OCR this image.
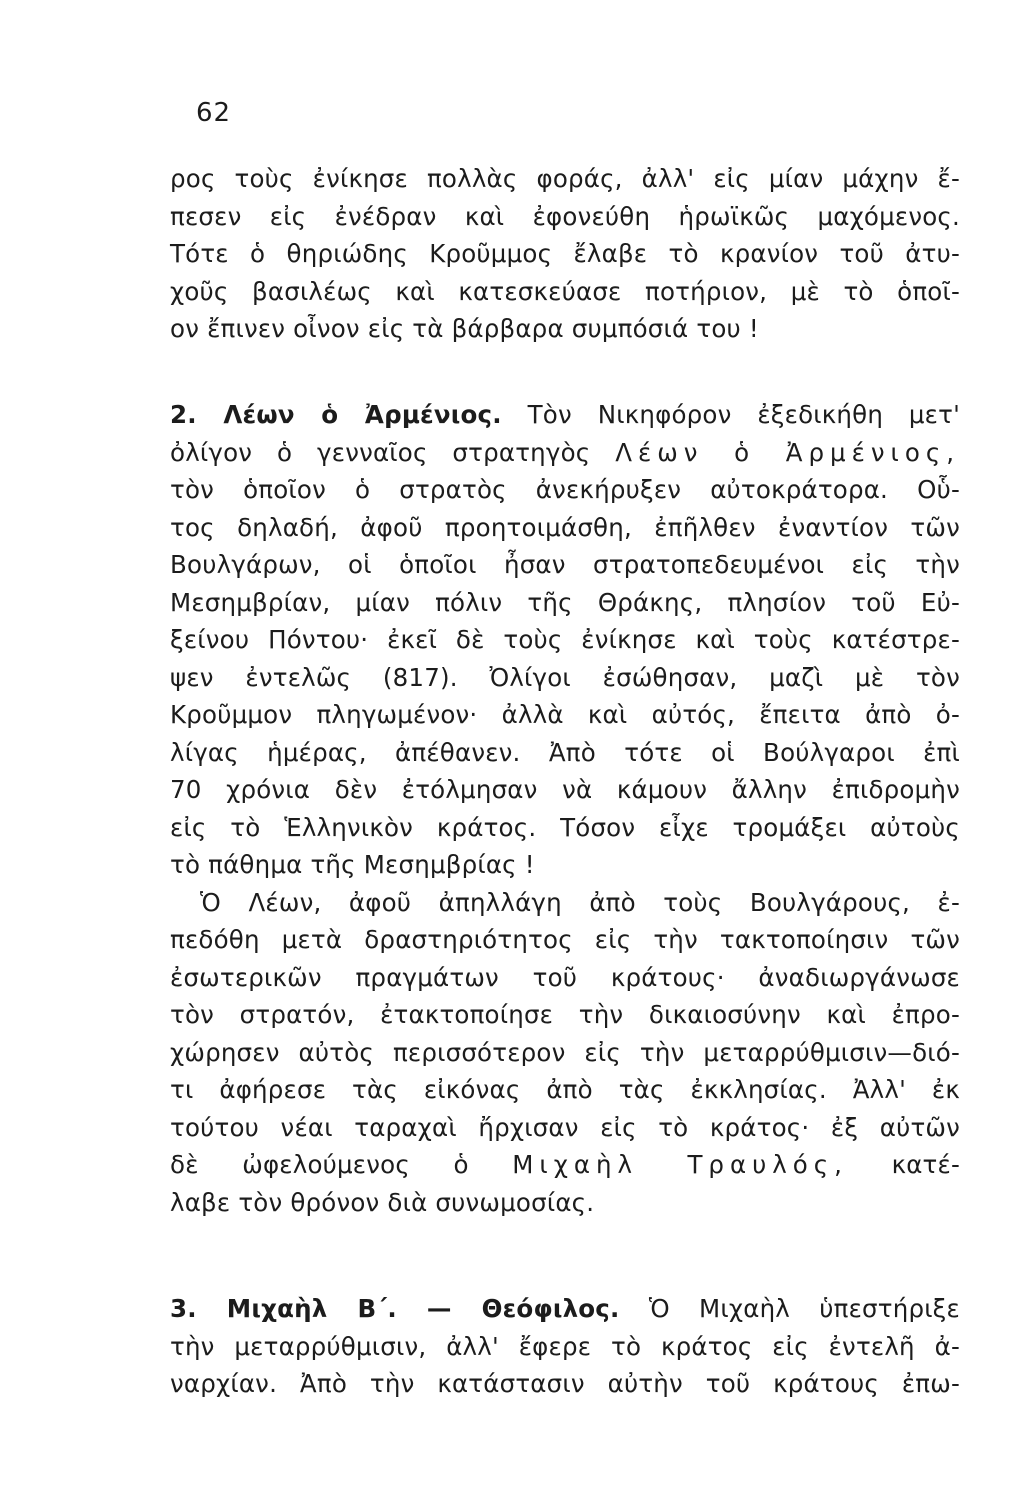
62
ρος τοὺς ἐνίκησε πολλὰς φοράς, ἀλλ' εἰς μίαν μάχην ἔ-
πεσεν εἰς ἐνέδραν καὶ ἐφονεύθη ἡρωϊκῶς μαχόμενος.
Τότε ὁ θηριώδης Κροῦμμος ἔλαβε τὸ κρανίον τοῦ ἀτυ-
χοῦς βασιλέως καὶ κατεσκεύασε ποτήριον, μὲ τὸ ὁποῖ-
ον ἔπινεν οἶνον εἰς τὰ βάρβαρα συμπόσιά του !
2. Λέων ὁ Ἀρμένιος. Τὸν Νικηφόρον ἐξεδικήθη μετ'
ὀλίγον ὁ γενναῖος στρατηγὸς Λέων ὁ Ἀρμένιος,
τὸν ὁποῖον ὁ στρατὸς ἀνεκήρυξεν αὐτοκράτορα. Οὗ-
τος δηλαδή, ἀφοῦ προητοιμάσθη, ἐπῆλθεν ἐναντίον τῶν
Βουλγάρων, οἱ ὁποῖοι ἦσαν στρατοπεδευμένοι εἰς τὴν
Μεσημβρίαν, μίαν πόλιν τῆς Θράκης, πλησίον τοῦ Εὐ-
ξείνου Πόντου· ἐκεῖ δὲ τοὺς ἐνίκησε καὶ τοὺς κατέστρε-
ψεν ἐντελῶς (817). Ὀλίγοι ἐσώθησαν, μαζὶ μὲ τὸν
Κροῦμμον πληγωμένον· ἀλλὰ καὶ αὐτός, ἔπειτα ἀπὸ ὀ-
λίγας ἡμέρας, ἀπέθανεν. Ἀπὸ τότε οἱ Βούλγαροι ἐπὶ
70 χρόνια δὲν ἐτόλμησαν νὰ κάμουν ἄλλην ἐπιδρομὴν
εἰς τὸ Ἑλληνικὸν κράτος. Τόσον εἶχε τρομάξει αὐτοὺς
τὸ πάθημα τῆς Μεσημβρίας !
Ὁ Λέων, ἀφοῦ ἀπηλλάγη ἀπὸ τοὺς Βουλγάρους, ἐ-
πεδόθη μετὰ δραστηριότητος εἰς τὴν τακτοποίησιν τῶν
ἐσωτερικῶν πραγμάτων τοῦ κράτους· ἀναδιωργάνωσε
τὸν στρατόν, ἐτακτοποίησε τὴν δικαιοσύνην καὶ ἐπρο-
χώρησεν αὐτὸς περισσότερον εἰς τὴν μεταρρύθμισιν—διό-
τι ἀφήρεσε τὰς εἰκόνας ἀπὸ τὰς ἐκκλησίας. Ἀλλ' ἐκ
τούτου νέαι ταραχαὶ ἤρχισαν εἰς τὸ κράτος· ἐξ αὐτῶν
δὲ ὠφελούμενος ὁ Μιχαὴλ Τραυλός, κατέ-
λαβε τὸν θρόνον διὰ συνωμοσίας.
3. Μιχαὴλ Β΄. — Θεόφιλος. Ὁ Μιχαὴλ ὑπεστήριξε
τὴν μεταρρύθμισιν, ἀλλ' ἔφερε τὸ κράτος εἰς ἐντελῆ ἀ-
ναρχίαν. Ἀπὸ τὴν κατάστασιν αὐτὴν τοῦ κράτους ἐπω-
